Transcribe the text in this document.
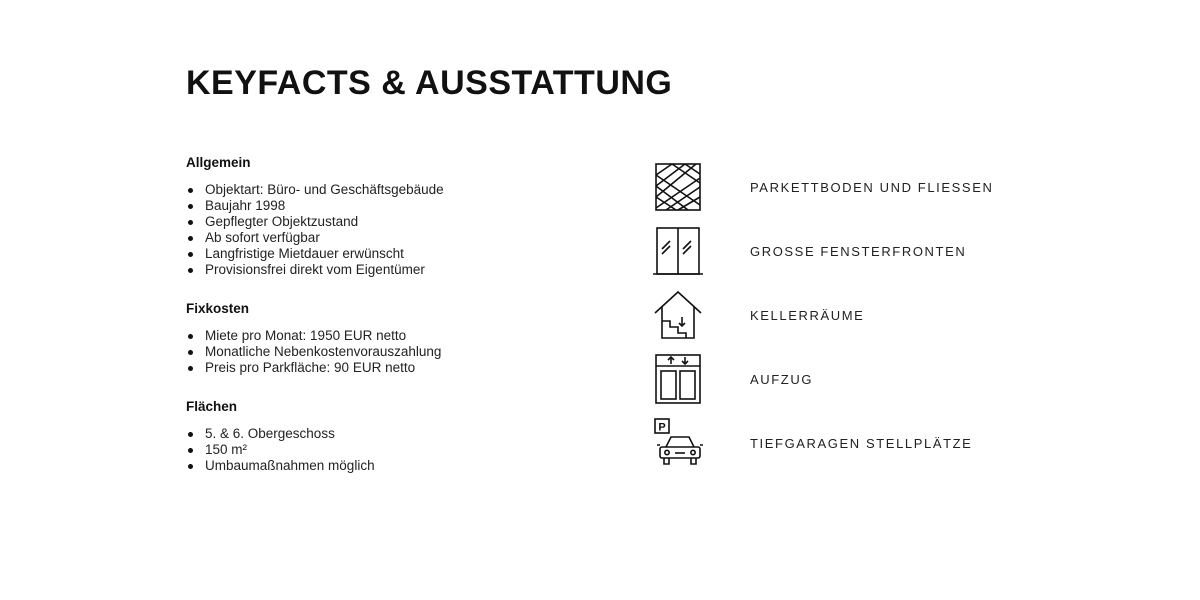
KEYFACTS & AUSSTATTUNG
Allgemein
Objektart: Büro- und Geschäftsgebäude
Baujahr 1998
Gepflegter Objektzustand
Ab sofort verfügbar
Langfristige Mietdauer erwünscht
Provisionsfrei direkt vom Eigentümer
Fixkosten
Miete pro Monat: 1950 EUR netto
Monatliche Nebenkostenvorauszahlung
Preis pro Parkfläche: 90 EUR netto
Flächen
5. & 6. Obergeschoss
150 m²
Umbaumaßnahmen möglich
PARKETTBODEN UND FLIESSEN
GROSSE FENSTERFRONTEN
KELLERRÄUME
AUFZUG
P
TIEFGARAGEN STELLPLÄTZE
